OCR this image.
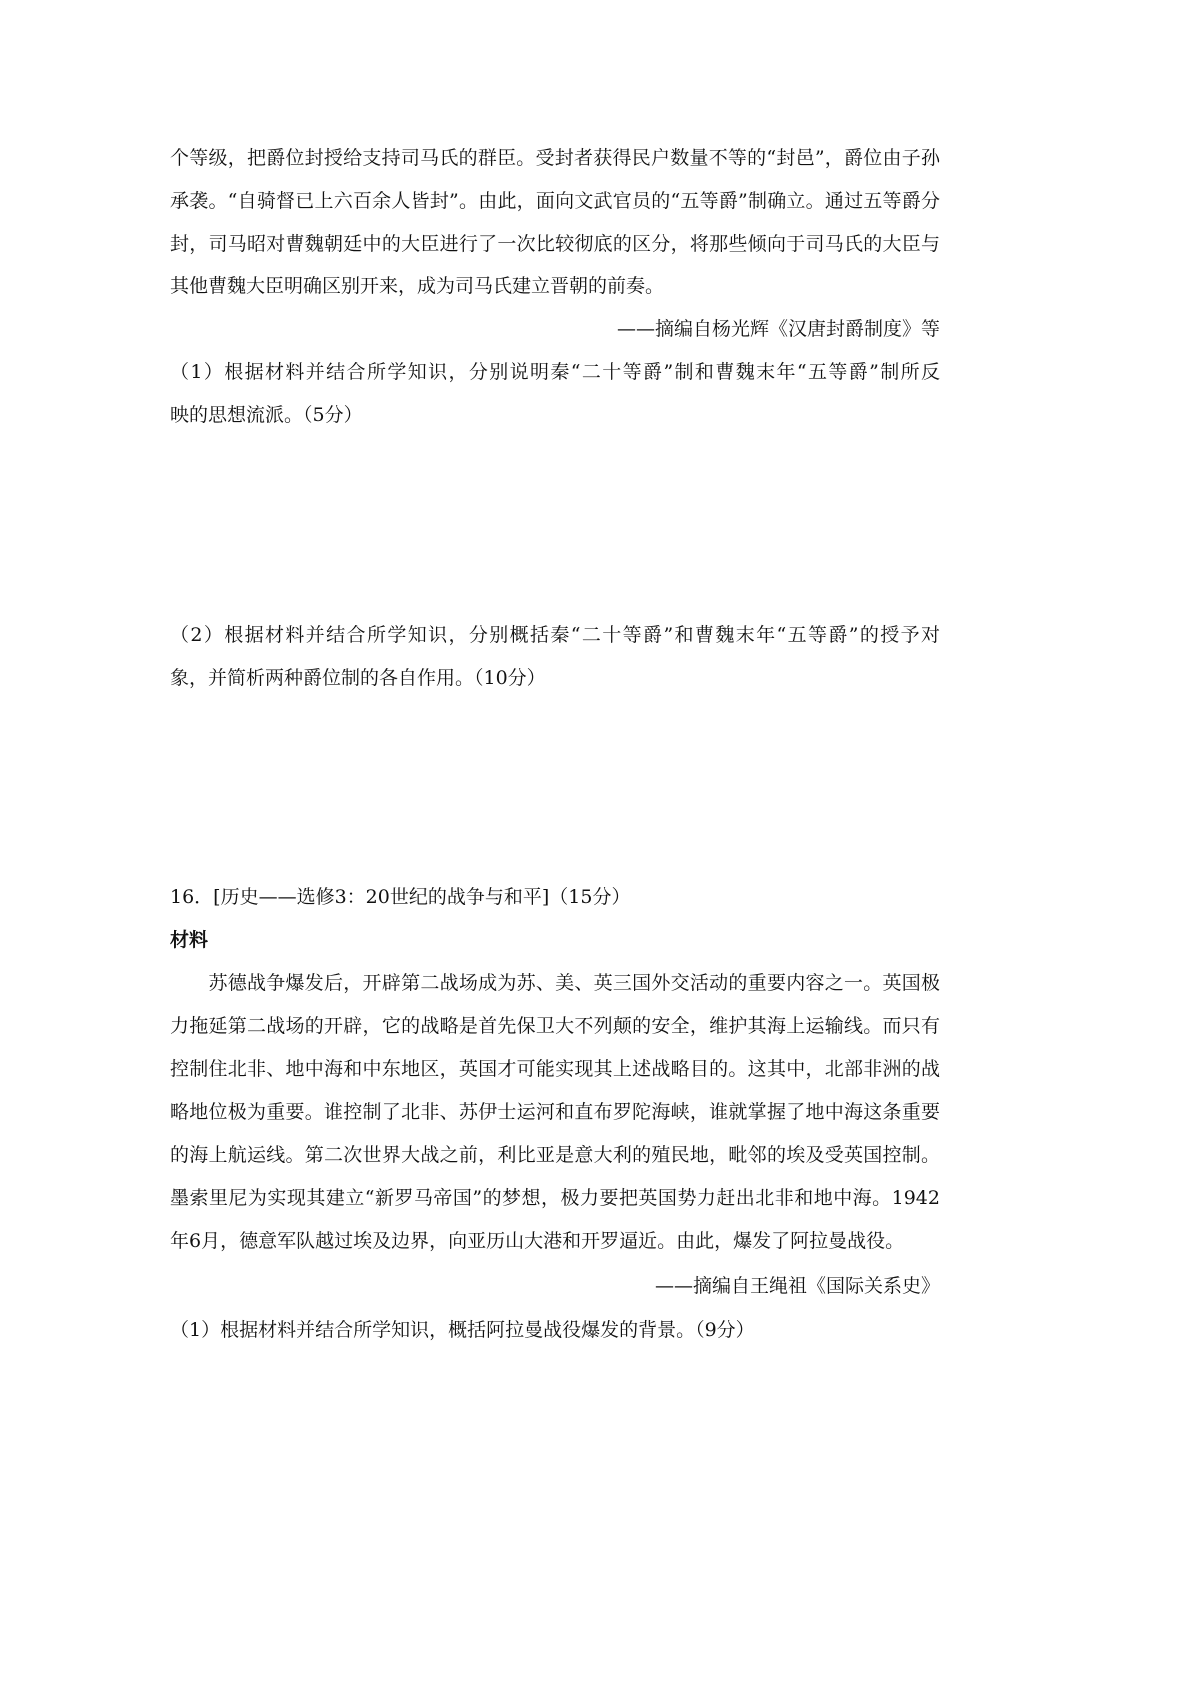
个等级，把爵位封授给支持司马氏的群臣。受封者获得民户数量不等的“封邑”，爵位由子孙
承袭。“自骑督已上六百余人皆封”。由此，面向文武官员的“五等爵”制确立。通过五等爵分
封，司马昭对曹魏朝廷中的大臣进行了一次比较彻底的区分，将那些倾向于司马氏的大臣与
其他曹魏大臣明确区别开来，成为司马氏建立晋朝的前奏。
——摘编自杨光辉《汉唐封爵制度》等
（1）根据材料并结合所学知识，分别说明秦“二十等爵”制和曹魏末年“五等爵”制所反
映的思想流派。（5分）
（2）根据材料并结合所学知识，分别概括秦“二十等爵”和曹魏末年“五等爵”的授予对
象，并简析两种爵位制的各自作用。（10分）
16．[历史——选修3：20世纪的战争与和平]（15分）
材料
　　苏德战争爆发后，开辟第二战场成为苏、美、英三国外交活动的重要内容之一。英国极
力拖延第二战场的开辟，它的战略是首先保卫大不列颠的安全，维护其海上运输线。而只有
控制住北非、地中海和中东地区，英国才可能实现其上述战略目的。这其中，北部非洲的战
略地位极为重要。谁控制了北非、苏伊士运河和直布罗陀海峡，谁就掌握了地中海这条重要
的海上航运线。第二次世界大战之前，利比亚是意大利的殖民地，毗邻的埃及受英国控制。
墨索里尼为实现其建立“新罗马帝国”的梦想，极力要把英国势力赶出北非和地中海。1942
年6月，德意军队越过埃及边界，向亚历山大港和开罗逼近。由此，爆发了阿拉曼战役。
——摘编自王绳祖《国际关系史》
（1）根据材料并结合所学知识，概括阿拉曼战役爆发的背景。（9分）
